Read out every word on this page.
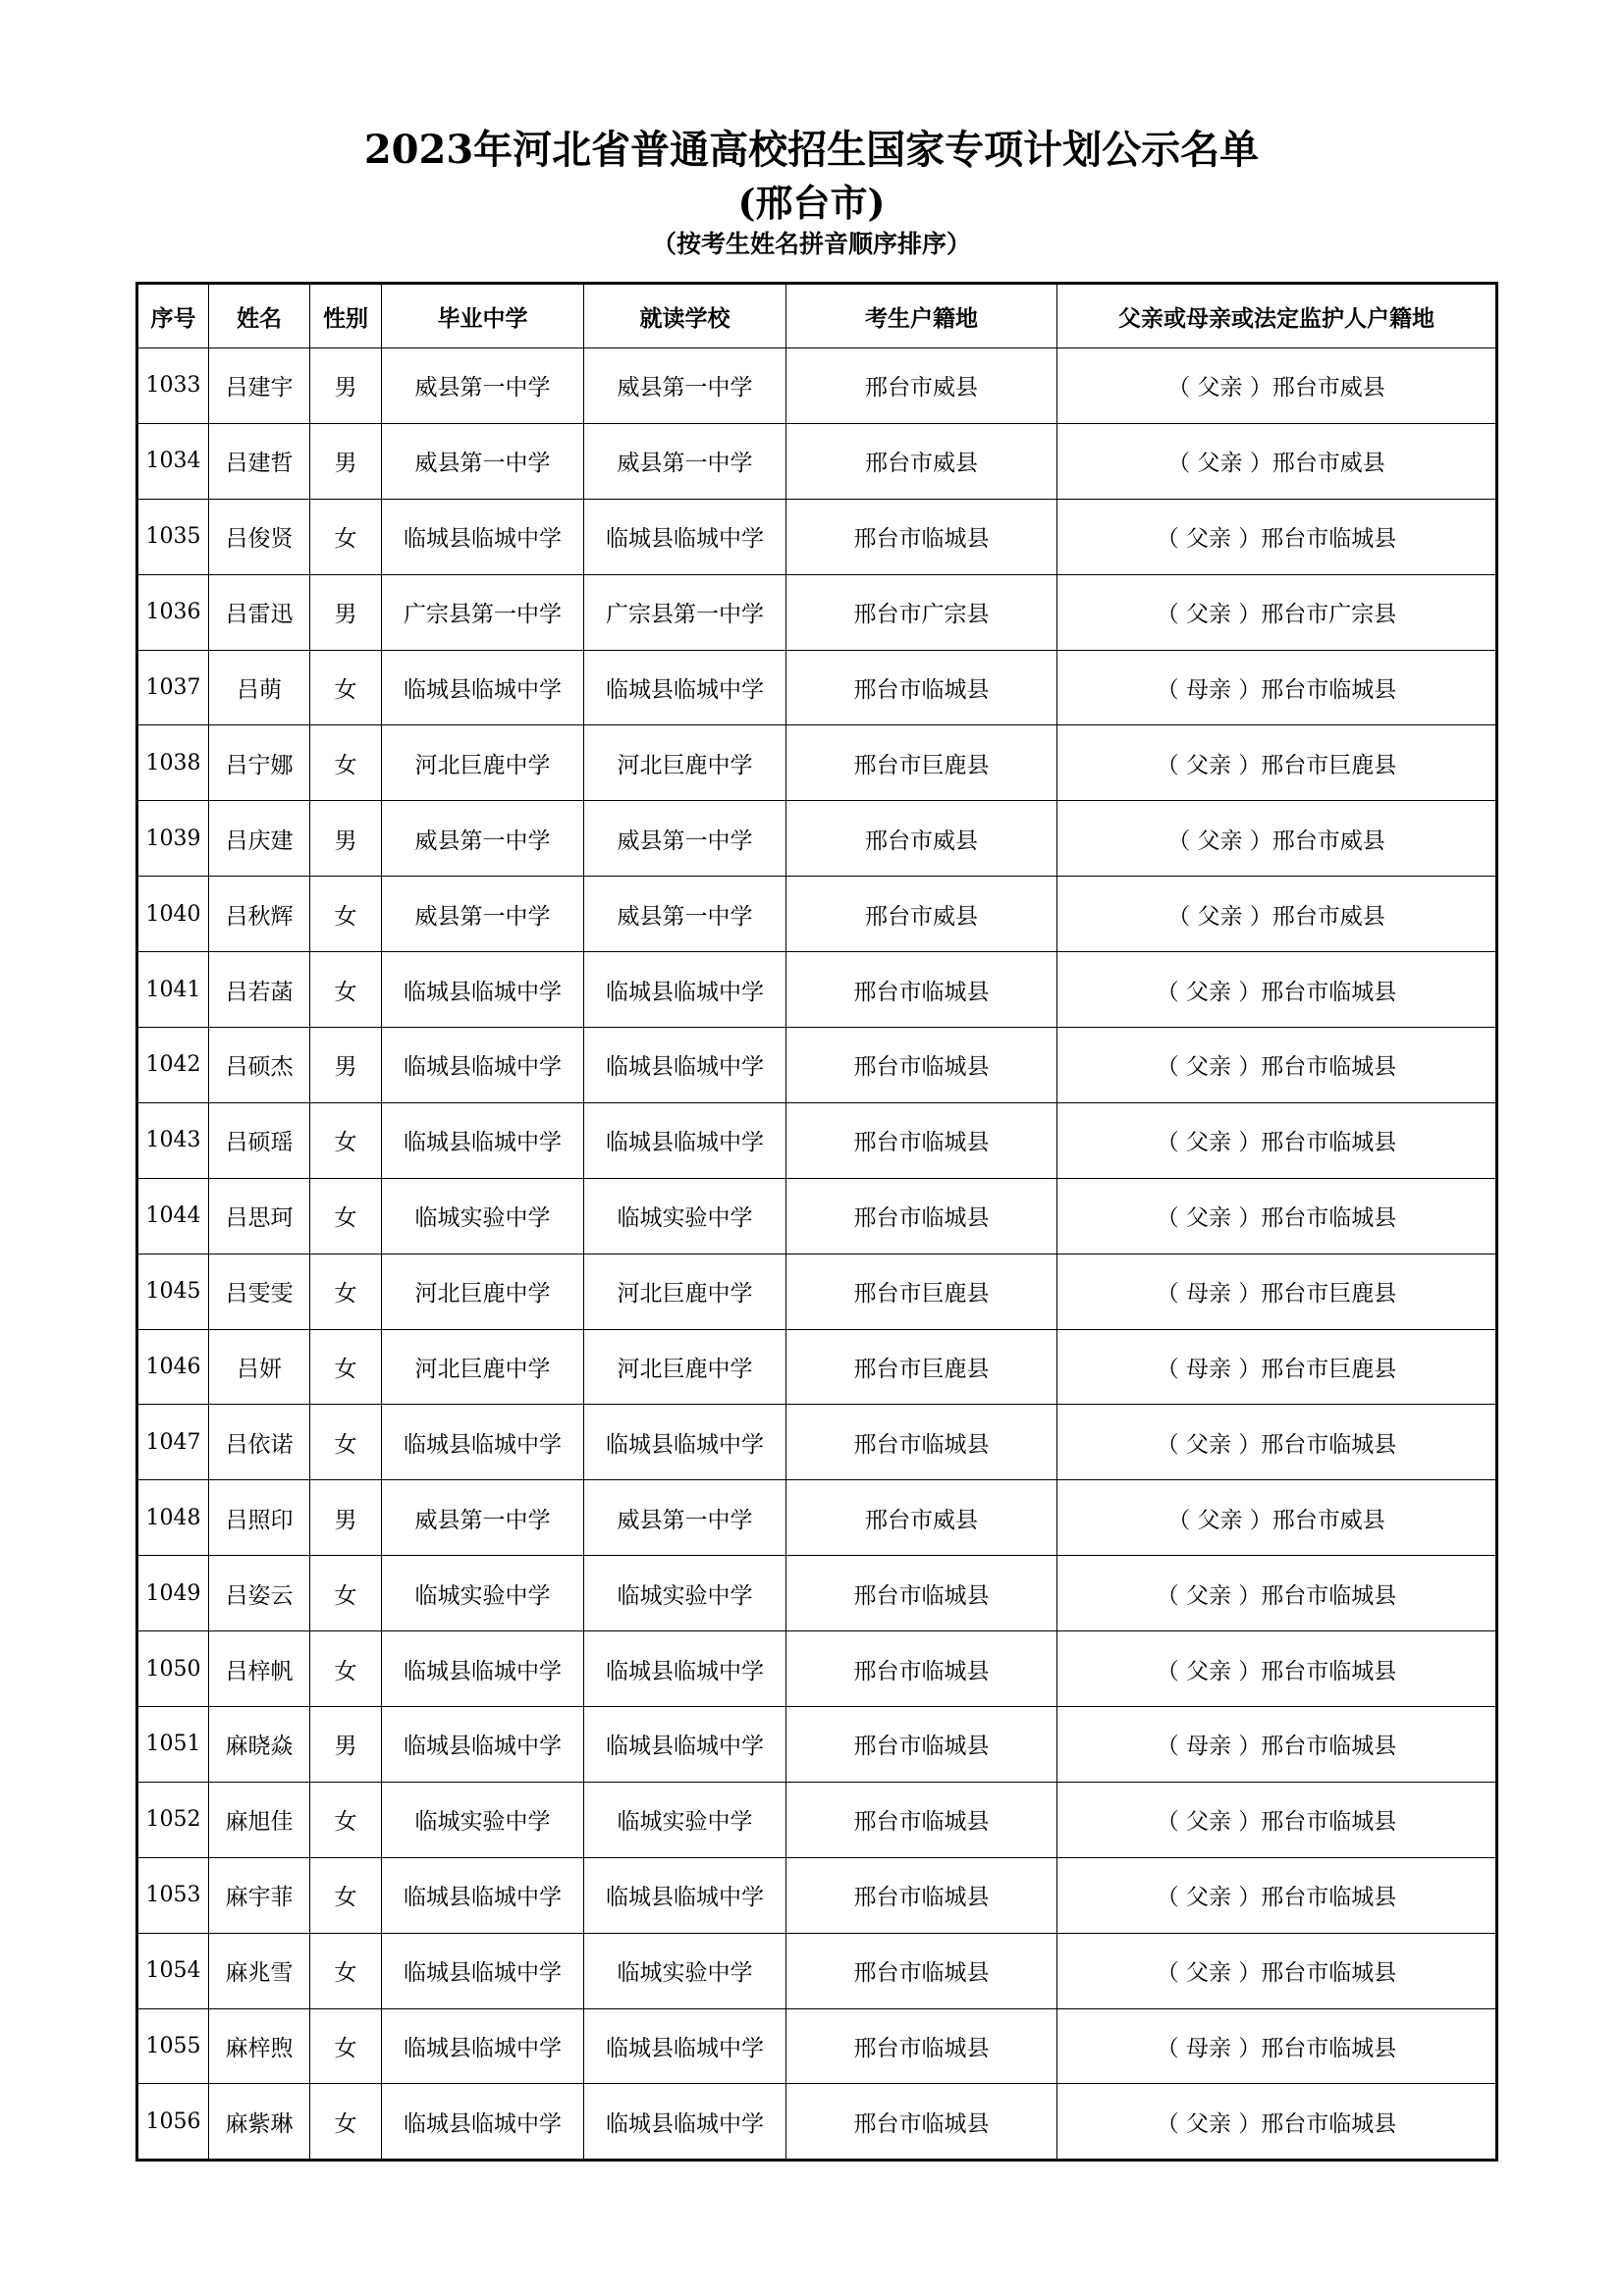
2023年河北省普通高校招生国家专项计划公示名单
(邢台市)
（按考生姓名拼音顺序排序）
序号	姓名	性别	毕业中学	就读学校	考生户籍地	父亲或母亲或法定监护人户籍地
1033	吕建宇	男	威县第一中学	威县第一中学	邢台市威县	（ 父亲 ）邢台市威县
1034	吕建哲	男	威县第一中学	威县第一中学	邢台市威县	（ 父亲 ）邢台市威县
1035	吕俊贤	女	临城县临城中学	临城县临城中学	邢台市临城县	（ 父亲 ）邢台市临城县
1036	吕雷迅	男	广宗县第一中学	广宗县第一中学	邢台市广宗县	（ 父亲 ）邢台市广宗县
1037	吕萌	女	临城县临城中学	临城县临城中学	邢台市临城县	（ 母亲 ）邢台市临城县
1038	吕宁娜	女	河北巨鹿中学	河北巨鹿中学	邢台市巨鹿县	（ 父亲 ）邢台市巨鹿县
1039	吕庆建	男	威县第一中学	威县第一中学	邢台市威县	（ 父亲 ）邢台市威县
1040	吕秋辉	女	威县第一中学	威县第一中学	邢台市威县	（ 父亲 ）邢台市威县
1041	吕若菡	女	临城县临城中学	临城县临城中学	邢台市临城县	（ 父亲 ）邢台市临城县
1042	吕硕杰	男	临城县临城中学	临城县临城中学	邢台市临城县	（ 父亲 ）邢台市临城县
1043	吕硕瑶	女	临城县临城中学	临城县临城中学	邢台市临城县	（ 父亲 ）邢台市临城县
1044	吕思珂	女	临城实验中学	临城实验中学	邢台市临城县	（ 父亲 ）邢台市临城县
1045	吕雯雯	女	河北巨鹿中学	河北巨鹿中学	邢台市巨鹿县	（ 母亲 ）邢台市巨鹿县
1046	吕妍	女	河北巨鹿中学	河北巨鹿中学	邢台市巨鹿县	（ 母亲 ）邢台市巨鹿县
1047	吕依诺	女	临城县临城中学	临城县临城中学	邢台市临城县	（ 父亲 ）邢台市临城县
1048	吕照印	男	威县第一中学	威县第一中学	邢台市威县	（ 父亲 ）邢台市威县
1049	吕姿云	女	临城实验中学	临城实验中学	邢台市临城县	（ 父亲 ）邢台市临城县
1050	吕梓帆	女	临城县临城中学	临城县临城中学	邢台市临城县	（ 父亲 ）邢台市临城县
1051	麻晓焱	男	临城县临城中学	临城县临城中学	邢台市临城县	（ 母亲 ）邢台市临城县
1052	麻旭佳	女	临城实验中学	临城实验中学	邢台市临城县	（ 父亲 ）邢台市临城县
1053	麻宇菲	女	临城县临城中学	临城县临城中学	邢台市临城县	（ 父亲 ）邢台市临城县
1054	麻兆雪	女	临城县临城中学	临城实验中学	邢台市临城县	（ 父亲 ）邢台市临城县
1055	麻梓煦	女	临城县临城中学	临城县临城中学	邢台市临城县	（ 母亲 ）邢台市临城县
1056	麻紫琳	女	临城县临城中学	临城县临城中学	邢台市临城县	（ 父亲 ）邢台市临城县
